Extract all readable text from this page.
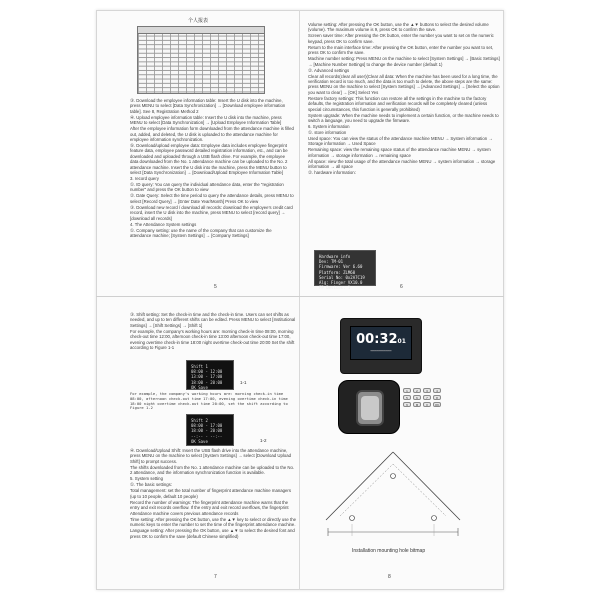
个人报表

③. Download the employee information table: Insert the U disk into the machine, press MENU to select [Data Synchronization] → [Download employee information table]. See 8, Registration Method 2

④. Upload employee information table: Insert the U disk into the machine, press MENU to select [Data Synchronization] → [Upload Employee Information Table]

After the employee information form downloaded from the attendance machine is filled out, added, and deleted, the U disk is uploaded to the attendance machine for employee information synchronization.

⑤. Download/upload employee data: Employee data includes employee fingerprint feature data, employee password detailed registration information, etc., and can be downloaded and uploaded through a USB flash drive. For example, the employee data downloaded from the No. 1 attendance machine can be uploaded to the No. 2 attendance machine. Insert the U disk into the machine, press the MENU button to select [Data Synchronization] → [Download/Upload Employee Information Table]

3. record query

①. ID query: You can query the individual attendance data, enter the "registration number" and press the OK button to view

②. Date Query: Select the time period to query the attendance details, press MENU to select [Record Query] → [Enter Date Year/Month] Press OK to view

③. Download new record / download all records: download the employee's credit card record, insert the U disk into the machine, press MENU to select [record query] → [download all records]

4. The Attendance System settings

①. Company setting: use the name of the company that can customize the attendance machine; [System Settings] → [Company Settings]

5

Volume setting: After pressing the OK button, use the ▲▼ buttons to select the desired volume (volume). The maximum volume is 9, press OK to confirm the save.

Screen saver time: After pressing the OK button, enter the number you want to set on the numeric keypad, press OK to confirm save.

Return to the main interface time: After pressing the OK button, enter the number you want to set, press OK to confirm the save.

Machine number setting: Press MENU on the machine to select [System Settings] → [Basic Settings] → [Machine Number Settings] to change the device number (default 1)

②. Advanced settings

Clear all records(clear all user)(Clear all data: When the machine has been used for a long time, the verification record is too much, and the data is too much to delete, the above steps are the same: press MENU on the machine to select [System Settings] → [Advanced Settings] → [Select the option you want to clear] → [OK] Select Yes

Restore factory settings: This function can restore all the settings in the machine to the factory defaults, the registration information and verification records will be completely cleared (unless special circumstances, this function is generally prohibited)

System upgrade: When the machine needs to implement a certain function, or the machine needs to switch a language, you need to upgrade the firmware.

6. System information

①. store information

Used space: You can view the status of the attendance machine MENU → System information → Storage information → Used Space

Remaining space: view the remaining space status of the attendance machine MENU → system information → storage information → remaining space

All space: view the total usage of the attendance machine MENU → system information → storage information → all space

②. hardware information:

Hardware info
Dev: TM-01
Firmware: Ver 6.60
Platform: ZLM60
Serial No: 0x2A7C19
Alg: Finger VX10.0
FP Devices: 1	6

③. Shift setting: Set the check-in time and the check-in time. Users can set shifts as needed, and up to ten different shifts can be edited. Press MENU to select [Institutional Settings] → [Shift Settings] → [Shift 1]

For example, the company's working hours are: morning check-in time 08:00, morning check-out time 12:00, afternoon check-in time 13:00 afternoon check-out time 17:00, evening overtime check-in time 18:00 night overtime check-out time 20:00 Set the shift according to Figure 1-1

Shift 1
08:00 - 12:00
13:00 - 17:00
18:00 - 20:00
OK Save
1-1
For example, the company's working hours are: morning check-in time 08:00, afternoon check-out time 17:00, evening overtime check-in time 18:00 night overtime check-out time 20:00, set the shift according to Figure 1-2
Shift 2
08:00 - 17:00
18:00 - 20:00
--:-- - --:--
OK Save	1-2

④. Download/Upload Shift: Insert the USB flash drive into the attendance machine, press MENU on the machine to select [System Settings] → select [Download Upload Shift] to prompt success.

The shifts downloaded from the No. 1 attendance machine can be uploaded to the No. 2 attendance, and the information synchronization function is available.

5. System setting

①. The basic settings:

Total management: set the total number of fingerprint attendance machine managers (up to 10 people, default 10 people)

Record the number of warnings: The fingerprint attendance machine warns that the entry and exit records overflow. If the entry and exit record overflows, the fingerprint

Attendance machine covers previous attendance records

Time setting: After pressing the OK button, use the ▲▼ key to select or directly use the numeric keys to enter the number to set the time of the fingerprint attendance machine.

Language setting: After pressing the OK button, use ▲▼ to select the desired font and press OK to confirm the save (default Chinese simplified)

7
00:3201
━━━━━━━━━━
1	2	3	4
5	6	7	8
9	M	0	OK
Installation mounting hole bitmap
8
